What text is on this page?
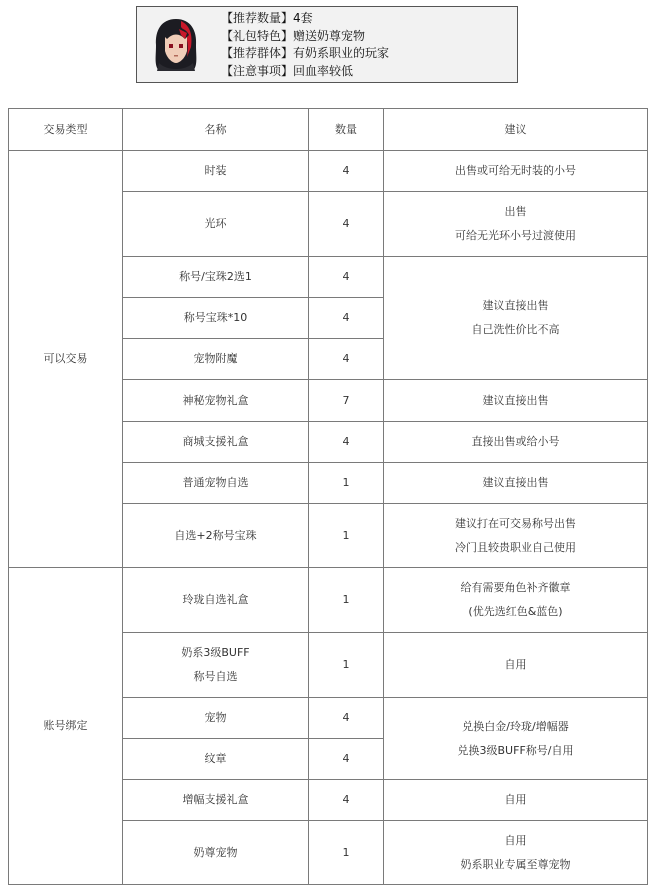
【推荐数量】4套
【礼包特色】赠送奶尊宠物
【推荐群体】有奶系职业的玩家
【注意事项】回血率较低
交易类型	名称	数量	建议
可以交易	时装	4	出售或可给无时装的小号

	光环	4	出售
可给无光环小号过渡使用

	称号/宝珠2选1	4	建议直接出售
自己洗性价比不高

	称号宝珠*10	4	

	宠物附魔	4	

	神秘宠物礼盒	7	建议直接出售

	商城支援礼盒	4	直接出售或给小号

	普通宠物自选	1	建议直接出售

	自选+2称号宝珠	1	建议打在可交易称号出售
冷门且较贵职业自己使用

账号绑定	玲珑自选礼盒	1	给有需要角色补齐徽章
(优先选红色&蓝色)

	奶系3级BUFF
称号自选	1	自用

	宠物	4	兑换白金/玲珑/增幅器
兑换3级BUFF称号/自用

	纹章	4	

	增幅支援礼盒	4	自用

	奶尊宠物	1	自用
奶系职业专属至尊宠物
